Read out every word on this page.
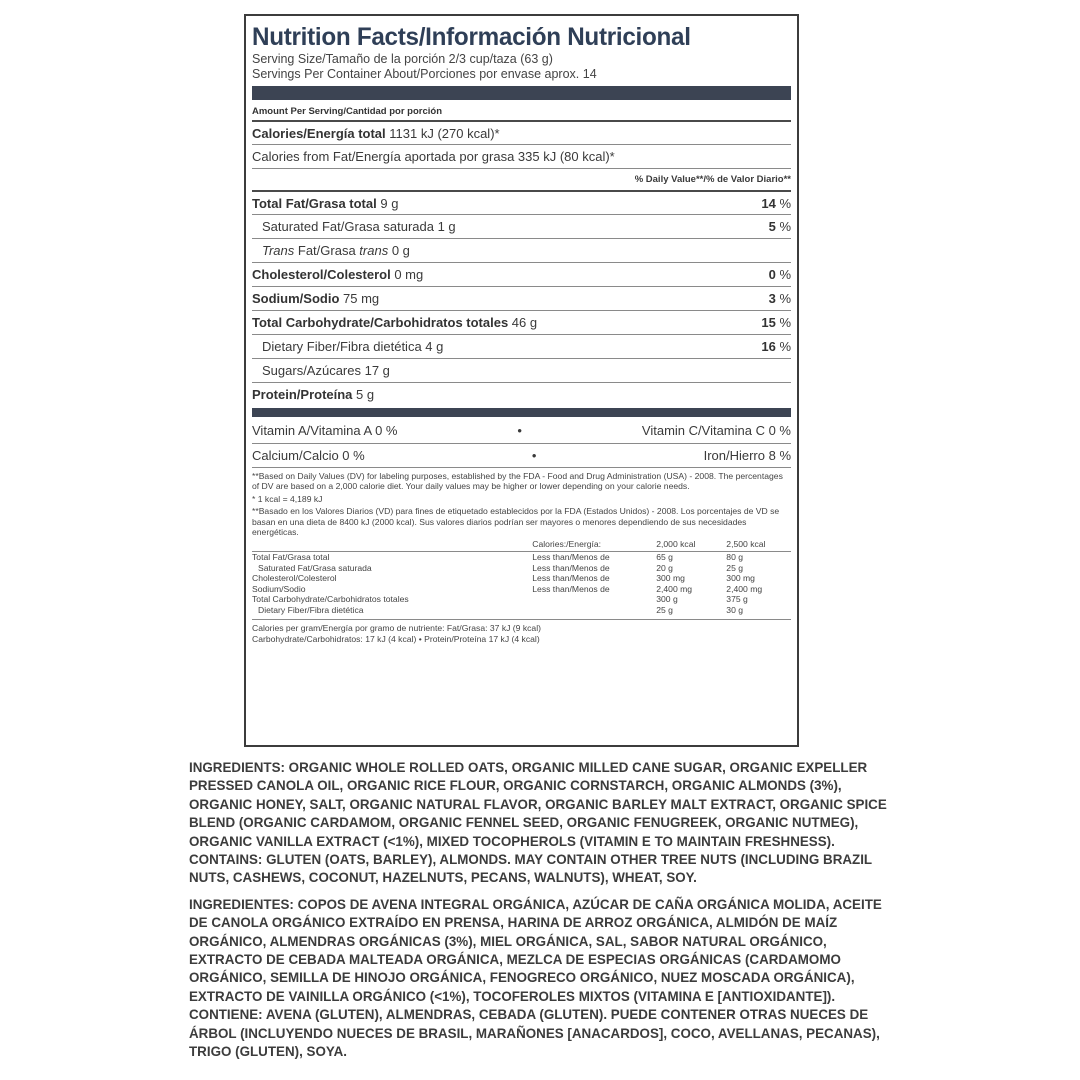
Nutrition Facts/Información Nutricional
Serving Size/Tamaño de la porción 2/3 cup/taza (63 g)
Servings Per Container About/Porciones por envase aprox. 14
Amount Per Serving/Cantidad por porción
Calories/Energía total 1131 kJ (270 kcal)*
Calories from Fat/Energía aportada por grasa 335 kJ (80 kcal)*
% Daily Value**/% de Valor Diario**
Total Fat/Grasa total 9 g	14 %
Saturated Fat/Grasa saturada 1 g	5 %
Trans Fat/Grasa trans 0 g
Cholesterol/Colesterol 0 mg	0 %
Sodium/Sodio 75 mg	3 %
Total Carbohydrate/Carbohidratos totales 46 g	15 %
Dietary Fiber/Fibra dietética 4 g	16 %
Sugars/Azúcares 17 g
Protein/Proteína 5 g
Vitamin A/Vitamina A 0 %	•	Vitamin C/Vitamina C 0 %
Calcium/Calcio 0 %	•	Iron/Hierro 8 %

**Based on Daily Values (DV) for labeling purposes, established by the FDA - Food and Drug Administration (USA) - 2008. The percentages of DV are based on a 2,000 calorie diet. Your daily values may be higher or lower depending on your calorie needs.

* 1 kcal = 4,189 kJ

**Basado en los Valores Diarios (VD) para fines de etiquetado establecidos por la FDA (Estados Unidos) - 2008. Los porcentajes de VD se basan en una dieta de 8400 kJ (2000 kcal). Sus valores diarios podrían ser mayores o menores dependiendo de sus necesidades energéticas.

	Calories:/Energía:	2,000 kcal	2,500 kcal
Total Fat/Grasa total	Less than/Menos de	65 g	80 g
Saturated Fat/Grasa saturada	Less than/Menos de	20 g	25 g
Cholesterol/Colesterol	Less than/Menos de	300 mg	300 mg
Sodium/Sodio	Less than/Menos de	2,400 mg	2,400 mg
Total Carbohydrate/Carbohidratos totales		300 g	375 g
Dietary Fiber/Fibra dietética		25 g	30 g
Calories per gram/Energía por gramo de nutriente: Fat/Grasa: 37 kJ (9 kcal)
Carbohydrate/Carbohidratos: 17 kJ (4 kcal) • Protein/Proteína 17 kJ (4 kcal)

INGREDIENTS: ORGANIC WHOLE ROLLED OATS, ORGANIC MILLED CANE SUGAR, ORGANIC EXPELLER PRESSED CANOLA OIL, ORGANIC RICE FLOUR, ORGANIC CORNSTARCH, ORGANIC ALMONDS (3%), ORGANIC HONEY, SALT, ORGANIC NATURAL FLAVOR, ORGANIC BARLEY MALT EXTRACT, ORGANIC SPICE BLEND (ORGANIC CARDAMOM, ORGANIC FENNEL SEED, ORGANIC FENUGREEK, ORGANIC NUTMEG), ORGANIC VANILLA EXTRACT (<1%), MIXED TOCOPHEROLS (VITAMIN E TO MAINTAIN FRESHNESS).

CONTAINS: GLUTEN (OATS, BARLEY), ALMONDS. MAY CONTAIN OTHER TREE NUTS (INCLUDING BRAZIL NUTS, CASHEWS, COCONUT, HAZELNUTS, PECANS, WALNUTS), WHEAT, SOY.

INGREDIENTES: COPOS DE AVENA INTEGRAL ORGÁNICA, AZÚCAR DE CAÑA ORGÁNICA MOLIDA, ACEITE DE CANOLA ORGÁNICO EXTRAÍDO EN PRENSA, HARINA DE ARROZ ORGÁNICA, ALMIDÓN DE MAÍZ ORGÁNICO, ALMENDRAS ORGÁNICAS (3%), MIEL ORGÁNICA, SAL, SABOR NATURAL ORGÁNICO, EXTRACTO DE CEBADA MALTEADA ORGÁNICA, MEZLCA DE ESPECIAS ORGÁNICAS (CARDAMOMO ORGÁNICO, SEMILLA DE HINOJO ORGÁNICA, FENOGRECO ORGÁNICO, NUEZ MOSCADA ORGÁNICA), EXTRACTO DE VAINILLA ORGÁNICO (<1%), TOCOFEROLES MIXTOS (VITAMINA E [ANTIOXIDANTE]).

CONTIENE: AVENA (GLUTEN), ALMENDRAS, CEBADA (GLUTEN). PUEDE CONTENER OTRAS NUECES DE ÁRBOL (INCLUYENDO NUECES DE BRASIL, MARAÑONES [ANACARDOS], COCO, AVELLANAS, PECANAS), TRIGO (GLUTEN), SOYA.
